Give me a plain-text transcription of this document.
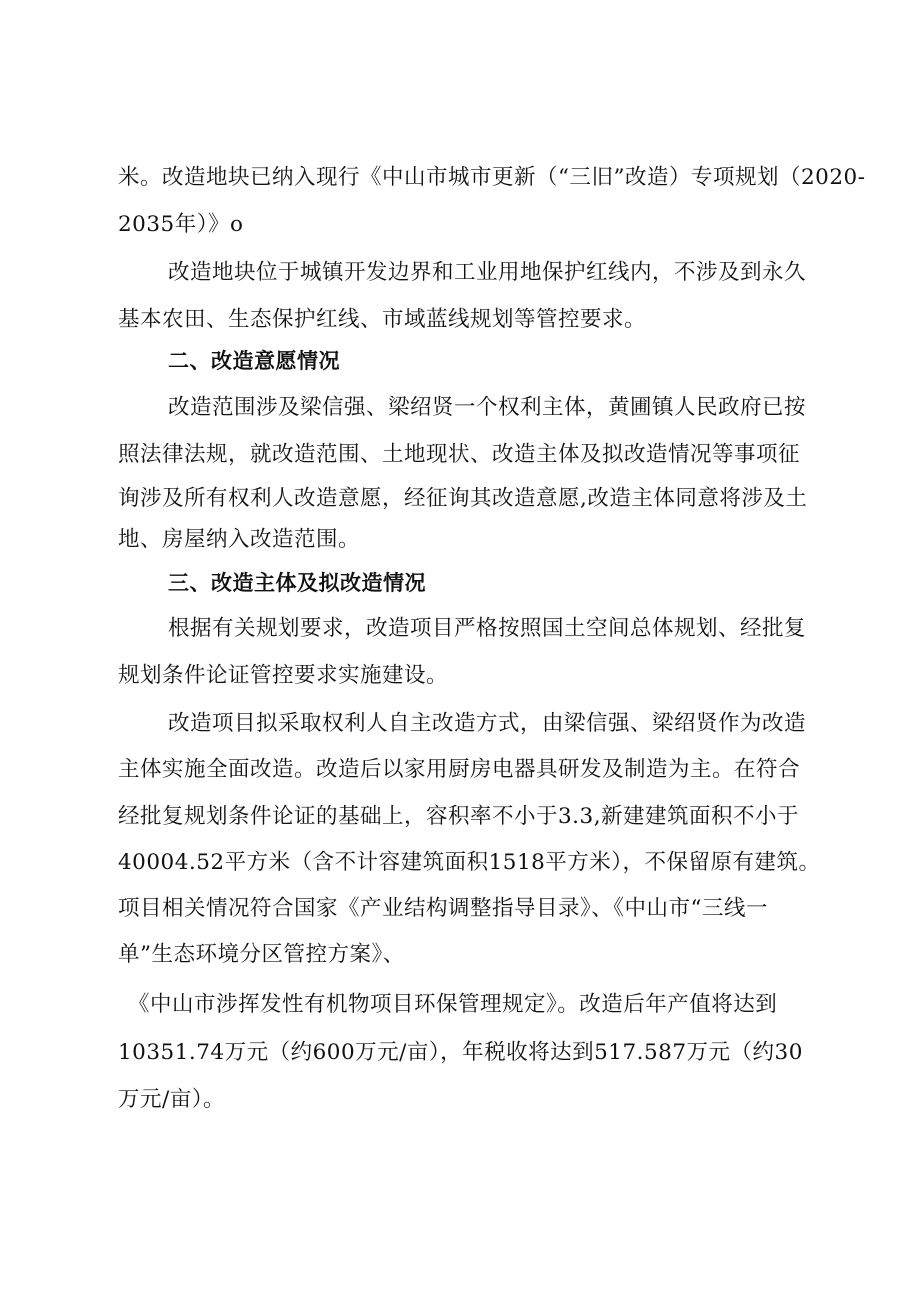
米。改造地块已纳入现行《中山市城市更新（“三旧”改造）专项规划（2020-
2035年）》o
改造地块位于城镇开发边界和工业用地保护红线内，不涉及到永久
基本农田、生态保护红线、市域蓝线规划等管控要求。
二、改造意愿情况
改造范围涉及梁信强、梁绍贤一个权利主体，黄圃镇人民政府已按
照法律法规，就改造范围、土地现状、改造主体及拟改造情况等事项征
询涉及所有权利人改造意愿，经征询其改造意愿,改造主体同意将涉及土
地、房屋纳入改造范围。
三、改造主体及拟改造情况
根据有关规划要求，改造项目严格按照国土空间总体规划、经批复
规划条件论证管控要求实施建设。
改造项目拟采取权利人自主改造方式，由梁信强、梁绍贤作为改造
主体实施全面改造。改造后以家用厨房电器具研发及制造为主。在符合
经批复规划条件论证的基础上，容积率不小于3.3,新建建筑面积不小于
40004.52平方米（含不计容建筑面积1518平方米），不保留原有建筑。
项目相关情况符合国家《产业结构调整指导目录》、《中山市“三线一
单”生态环境分区管控方案》、
《中山市涉挥发性有机物项目环保管理规定》。改造后年产值将达到
10351.74万元（约600万元/亩），年税收将达到517.587万元（约30
万元/亩）。
